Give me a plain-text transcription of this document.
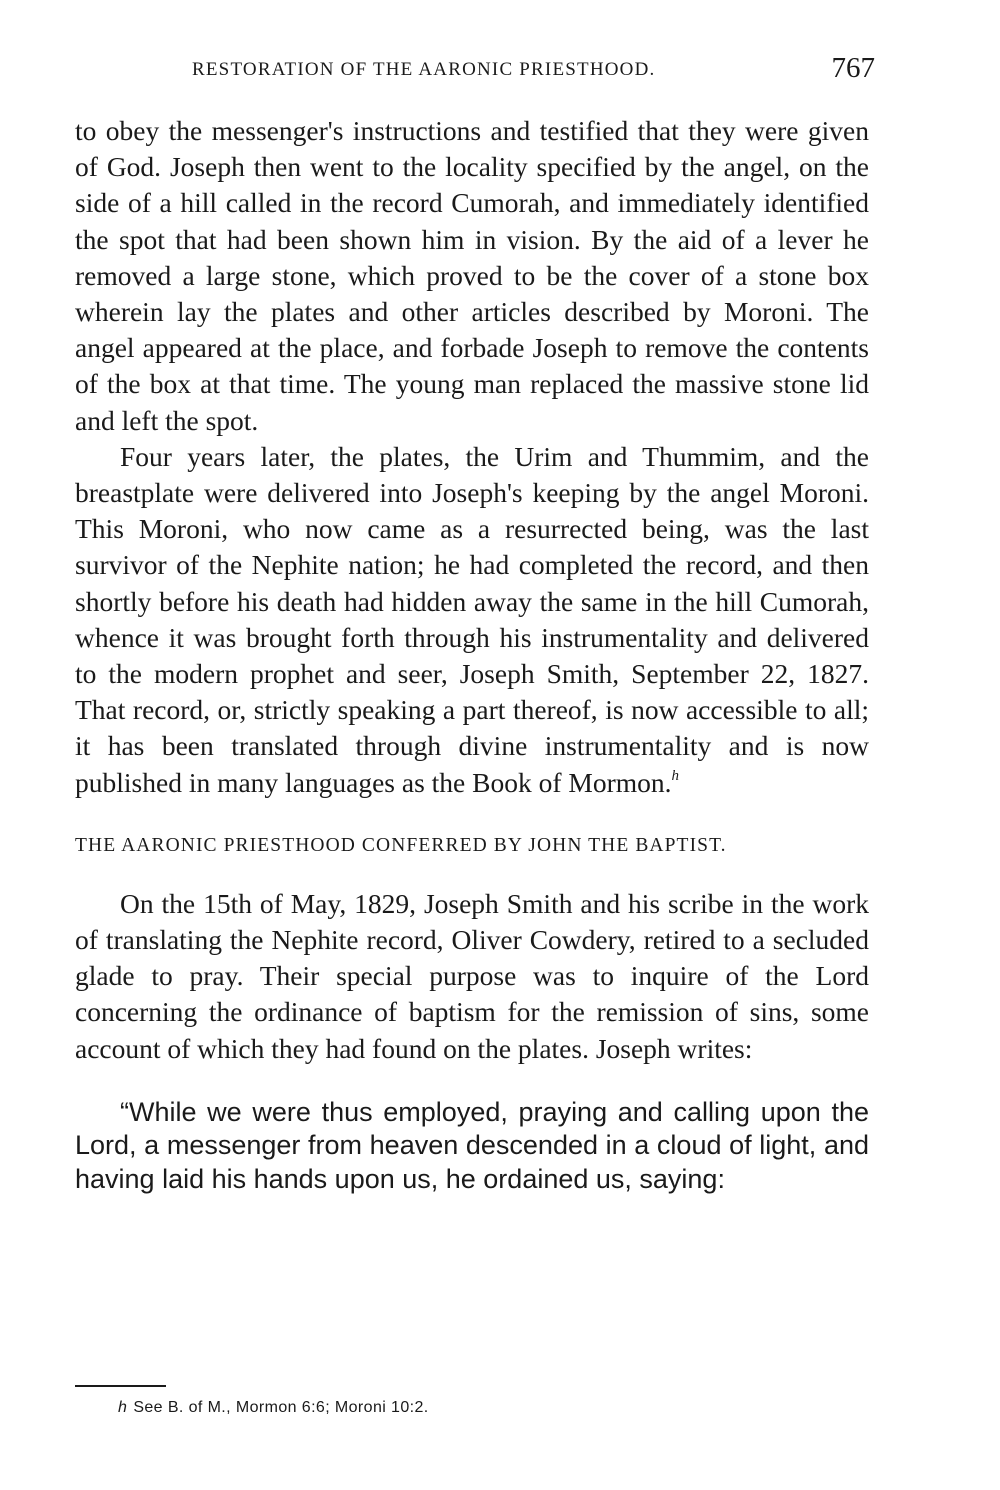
RESTORATION OF THE AARONIC PRIESTHOOD.	767

to obey the messenger's instructions and testified that they were given of God. Joseph then went to the locality specified by the angel, on the side of a hill called in the record Cumorah, and immediately identified the spot that had been shown him in vision. By the aid of a lever he removed a large stone, which proved to be the cover of a stone box wherein lay the plates and other articles described by Moroni. The angel appeared at the place, and forbade Joseph to remove the contents of the box at that time. The young man replaced the massive stone lid and left the spot.

Four years later, the plates, the Urim and Thummim, and the breastplate were delivered into Joseph's keeping by the angel Moroni. This Moroni, who now came as a resurrected being, was the last survivor of the Nephite nation; he had completed the record, and then shortly before his death had hidden away the same in the hill Cumorah, whence it was brought forth through his instrumentality and delivered to the modern prophet and seer, Joseph Smith, September 22, 1827. That record, or, strictly speaking a part thereof, is now accessible to all; it has been translated through divine instrumentality and is now published in many languages as the Book of Mormon.$^h$

THE AARONIC PRIESTHOOD CONFERRED BY JOHN THE BAPTIST.

On the 15th of May, 1829, Joseph Smith and his scribe in the work of translating the Nephite record, Oliver Cowdery, retired to a secluded glade to pray. Their special purpose was to inquire of the Lord concerning the ordinance of baptism for the remission of sins, some account of which they had found on the plates. Joseph writes:

“While we were thus employed, praying and calling upon the Lord, a messenger from heaven descended in a cloud of light, and having laid his hands upon us, he ordained us, saying:

h See B. of M., Mormon 6:6; Moroni 10:2.
